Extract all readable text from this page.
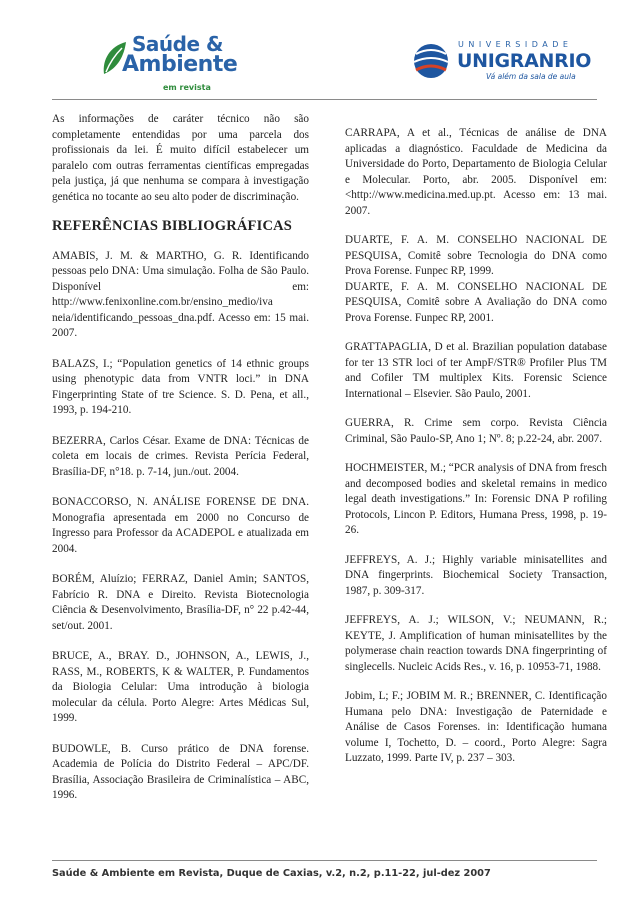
Saúde &
Ambiente
em revista
UNIVERSIDADE
UNIGRANRIO
Vá além da sala de aula

As informações de caráter técnico não são completamente entendidas por uma parcela dos profissionais da lei. É muito difícil estabelecer um paralelo com outras ferramentas científicas empregadas pela justiça, já que nenhuma se compara à investigação genética no tocante ao seu alto poder de discriminação.

REFERÊNCIAS BIBLIOGRÁFICAS

AMABIS, J. M. & MARTHO, G. R. Identificando pessoas pelo DNA: Uma simulação. Folha de São Paulo. Disponível em: http://www.fenixonline.com.br/ensino_medio/iva neia/identificando_pessoas_dna.pdf. Acesso em: 15 mai. 2007.

BALAZS, I.; “Population genetics of 14 ethnic groups using phenotypic data from VNTR loci.” in DNA Fingerprinting State of tre Science. S. D. Pena, et all., 1993, p. 194-210.

BEZERRA, Carlos César. Exame de DNA: Técnicas de coleta em locais de crimes. Revista Perícia Federal, Brasília-DF, n°18. p. 7-14, jun./out. 2004.

BONACCORSO, N. ANÁLISE FORENSE DE DNA. Monografia apresentada em 2000 no Concurso de Ingresso para Professor da ACADEPOL e atualizada em 2004.

BORÉM, Aluízio; FERRAZ, Daniel Amin; SANTOS, Fabrício R. DNA e Direito. Revista Biotecnologia Ciência & Desenvolvimento, Brasília-DF, n° 22 p.42-44, set/out. 2001.

BRUCE, A., BRAY. D., JOHNSON, A., LEWIS, J., RASS, M., ROBERTS, K & WALTER, P. Fundamentos da Biologia Celular: Uma introdução à biologia molecular da célula. Porto Alegre: Artes Médicas Sul, 1999.

BUDOWLE, B. Curso prático de DNA forense. Academia de Polícia do Distrito Federal – APC/DF. Brasília, Associação Brasileira de Criminalística – ABC, 1996.

CARRAPA, A et al., Técnicas de análise de DNA aplicadas a diagnóstico. Faculdade de Medicina da Universidade do Porto, Departamento de Biologia Celular e Molecular. Porto, abr. 2005. Disponível em: <http://www.medicina.med.up.pt. Acesso em: 13 mai. 2007.

DUARTE, F. A. M. CONSELHO NACIONAL DE PESQUISA, Comitê sobre Tecnologia do DNA como Prova Forense. Funpec RP, 1999.

DUARTE, F. A. M. CONSELHO NACIONAL DE PESQUISA, Comitê sobre A Avaliação do DNA como Prova Forense. Funpec RP, 2001.

GRATTAPAGLIA, D et al. Brazilian population database for ter 13 STR loci of ter AmpF/STR® Profiler Plus TM and Cofiler TM multiplex Kits. Forensic Science International – Elsevier. São Paulo, 2001.

GUERRA, R. Crime sem corpo. Revista Ciência Criminal, São Paulo-SP, Ano 1; Nº. 8; p.22-24, abr. 2007.

HOCHMEISTER, M.; “PCR analysis of DNA from fresch and decomposed bodies and skeletal remains in medico legal death investigations.” In: Forensic DNA P rofiling Protocols, Lincon P. Editors, Humana Press, 1998, p. 19-26.

JEFFREYS, A. J.; Highly variable minisatellites and DNA fingerprints. Biochemical Society Transaction, 1987, p. 309-317.

JEFFREYS, A. J.; WILSON, V.; NEUMANN, R.; KEYTE, J. Amplification of human minisatellites by the polymerase chain reaction towards DNA fingerprinting of singlecells. Nucleic Acids Res., v. 16, p. 10953-71, 1988.

Jobim, L; F.; JOBIM M. R.; BRENNER, C. Identificação Humana pelo DNA: Investigação de Paternidade e Análise de Casos Forenses. in: Identificação humana volume I, Tochetto, D. – coord., Porto Alegre: Sagra Luzzato, 1999. Parte IV, p. 237 – 303.

Saúde & Ambiente em Revista, Duque de Caxias, v.2, n.2, p.11-22, jul-dez 2007
